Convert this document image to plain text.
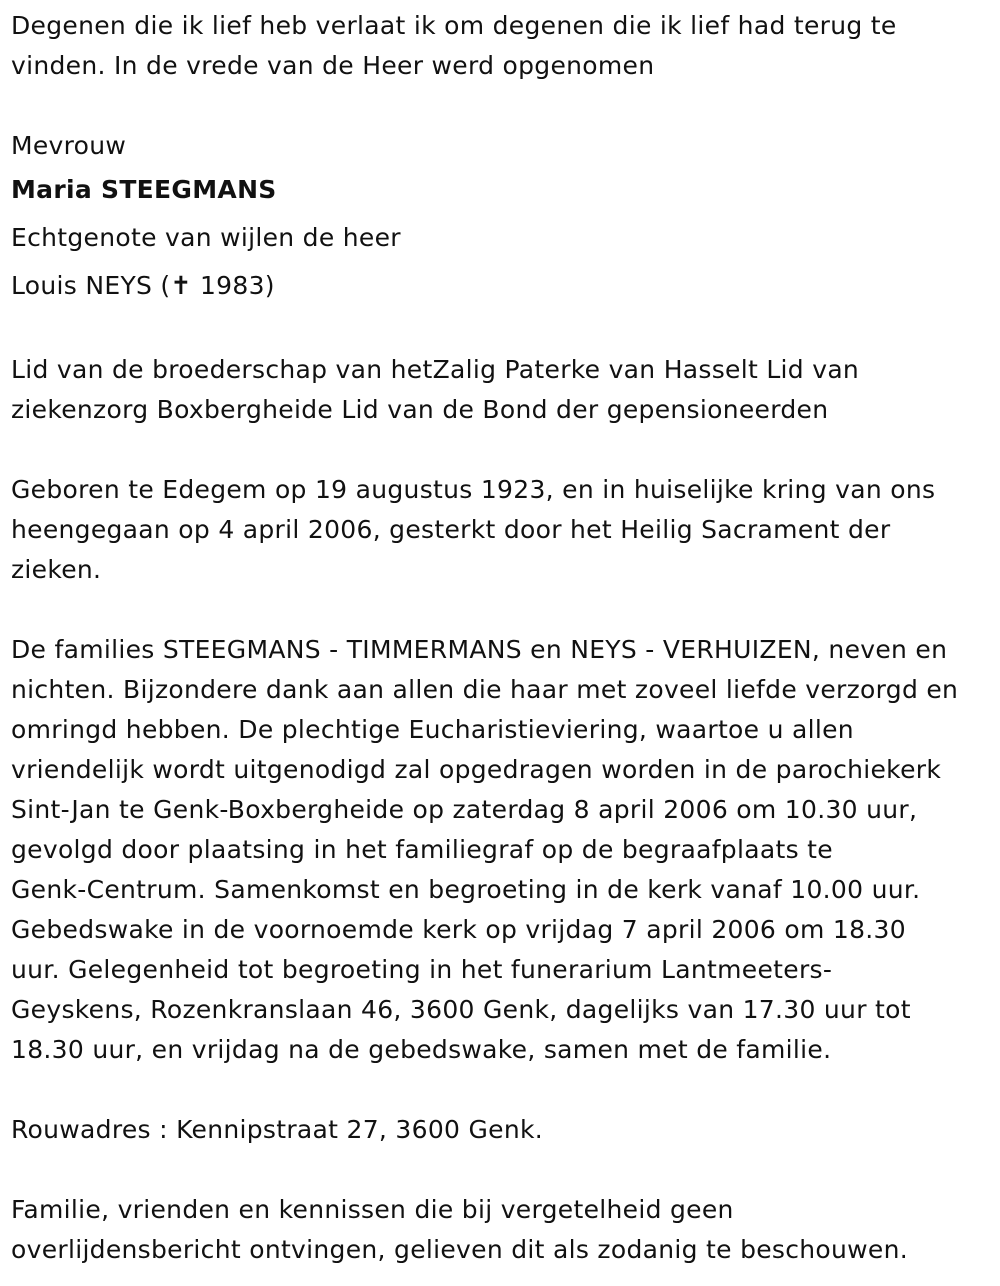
Degenen die ik lief heb verlaat ik om degenen die ik lief had terug te
vinden. In de vrede van de Heer werd opgenomen
Mevrouw
Maria STEEGMANS
Echtgenote van wijlen de heer
Louis NEYS (✝ 1983)
Lid van de broederschap van hetZalig Paterke van Hasselt Lid van
ziekenzorg Boxbergheide Lid van de Bond der gepensioneerden
Geboren te Edegem op 19 augustus 1923, en in huiselijke kring van ons
heengegaan op 4 april 2006, gesterkt door het Heilig Sacrament der
zieken.
De families STEEGMANS - TIMMERMANS en NEYS - VERHUIZEN, neven en
nichten. Bijzondere dank aan allen die haar met zoveel liefde verzorgd en
omringd hebben. De plechtige Eucharistieviering, waartoe u allen
vriendelijk wordt uitgenodigd zal opgedragen worden in de parochiekerk
Sint-Jan te Genk-Boxbergheide op zaterdag 8 april 2006 om 10.30 uur,
gevolgd door plaatsing in het familiegraf op de begraafplaats te
Genk-Centrum. Samenkomst en begroeting in de kerk vanaf 10.00 uur.
Gebedswake in de voornoemde kerk op vrijdag 7 april 2006 om 18.30
uur. Gelegenheid tot begroeting in het funerarium Lantmeeters-
Geyskens, Rozenkranslaan 46, 3600 Genk, dagelijks van 17.30 uur tot
18.30 uur, en vrijdag na de gebedswake, samen met de familie.
Rouwadres : Kennipstraat 27, 3600 Genk.
Familie, vrienden en kennissen die bij vergetelheid geen
overlijdensbericht ontvingen, gelieven dit als zodanig te beschouwen.
